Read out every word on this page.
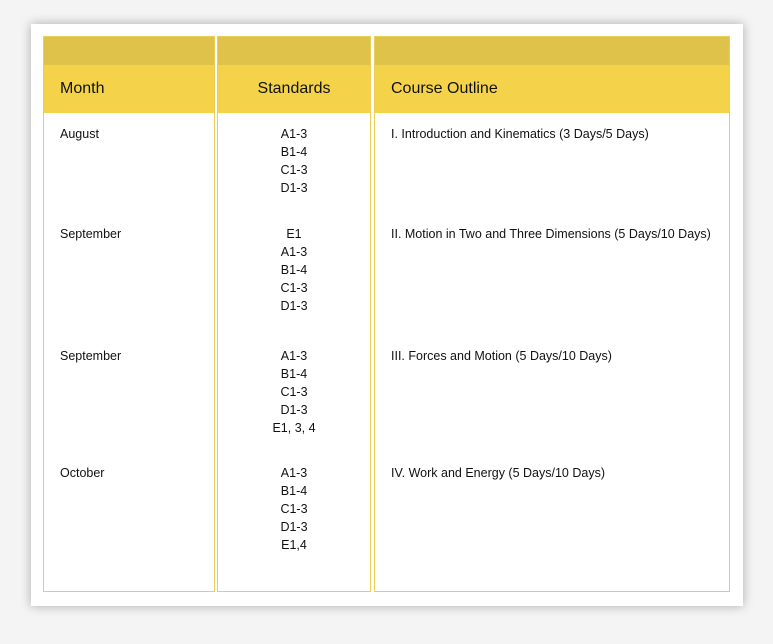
Month
August
September
September
October
Standards
A1-3
B1-4
C1-3
D1-3
E1
A1-3
B1-4
C1-3
D1-3
A1-3
B1-4
C1-3
D1-3
E1, 3, 4
A1-3
B1-4
C1-3
D1-3
E1,4
Course Outline
I. Introduction and Kinematics (3 Days/5 Days)
II. Motion in Two and Three Dimensions (5 Days/10 Days)
III. Forces and Motion (5 Days/10 Days)
IV. Work and Energy (5 Days/10 Days)
